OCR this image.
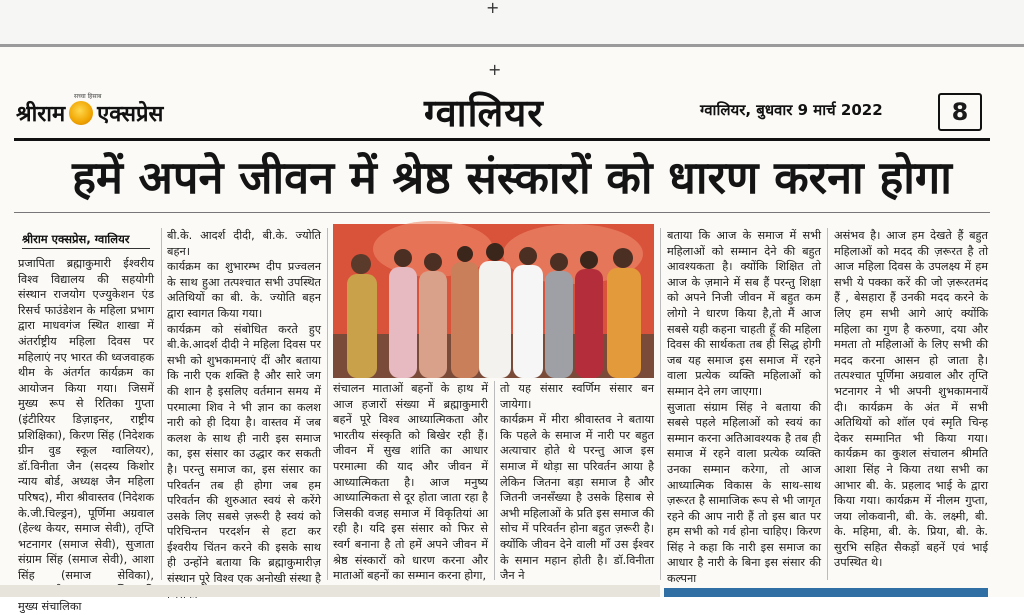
+
+
सच्चा हिसाब
श्रीराम एक्सप्रेस	ग्वालियर	ग्वालियर, बुधवार 9 मार्च 2022	8
हमें अपने जीवन में श्रेष्ठ संस्कारों को धारण करना होगा
श्रीराम एक्सप्रेस, ग्वालियर
प्रजापिता ब्रह्माकुमारी ईश्वरीय विश्व विद्यालय की सहयोगी संस्थान राजयोग एज्युकेशन एंड रिसर्च फाउंडेशन के महिला प्रभाग द्वारा माधवगंज स्थित शाखा में अंतर्राष्ट्रीय महिला दिवस पर महिलाएं नए भारत की ध्वजवाहक थीम के अंतर्गत कार्यक्रम का आयोजन किया गया। जिसमें मुख्य रूप से रितिका गुप्ता (इंटीरियर डिज़ाइनर, राष्ट्रीय प्रशिक्षिका), किरण सिंह (निदेशक ग्रीन वुड स्कूल ग्वालियर), डॉ.विनीता जैन (सदस्य किशोर न्याय बोर्ड, अध्यक्ष जैन महिला परिषद), मीरा श्रीवास्तव (निदेशक के.जी.चिल्ड्रन), पूर्णिमा अग्रवाल (हेल्थ केयर, समाज सेवी), तृप्ति भटनागर (समाज सेवी), सुजाता संग्राम सिंह (समाज सेवी), आशा सिंह (समाज सेविका), मुख्य संचालिका
बी.के. आदर्श दीदी, बी.के. ज्योति बहन।
कार्यक्रम का शुभारम्भ दीप प्रज्वलन के साथ हुआ तत्पश्चात सभी उपस्थित अतिथियों का बी. के. ज्योति बहन द्वारा स्वागत किया गया।
कार्यक्रम को संबोधित करते हुए बी.के.आदर्श दीदी ने महिला दिवस पर सभी को शुभकामनाएं दीं और बताया कि नारी एक शक्ति है और सारे जग की शान है इसलिए वर्तमान समय में परमात्मा शिव ने भी ज्ञान का कलश नारी को ही दिया है। वास्तव में जब कलश के साथ ही नारी इस समाज का, इस संसार का उद्धार कर सकती है। परन्तु समाज का, इस संसार का परिवर्तन तब ही होगा जब हम परिवर्तन की शुरुआत स्वयं से करेंगे उसके लिए सबसे ज़रूरी है स्वयं को परिचिन्तन परदर्शन से हटा कर ईश्वरीय चिंतन करने की इसके साथ ही उन्होंने बताया कि ब्रह्माकुमारीज़ संस्थान पूरे विश्व एक अनोखी संस्था है
संचालन माताओं बहनों के हाथ में आज हजारों संख्या में ब्रह्माकुमारी बहनें पूरे विश्व आध्यात्मिकता और भारतीय संस्कृति को बिखेर रही हैं। जीवन में सुख शांति का आधार परमात्मा की याद और जीवन में आध्यात्मिकता है। आज मनुष्य आध्यात्मिकता से दूर होता जाता रहा है जिसकी वजह समाज में विकृतियां आ रही है। यदि इस संसार को फिर से स्वर्ग बनाना है तो हमें अपने जीवन में श्रेष्ठ संस्कारों को धारण करना और माताओं बहनों का सम्मान करना होगा,
तो यह संसार स्वर्णिम संसार बन जायेगा।
कार्यक्रम में मीरा श्रीवास्तव ने बताया कि पहले के समाज में नारी पर बहुत अत्याचार होते थे परन्तु आज इस समाज में थोड़ा सा परिवर्तन आया है लेकिन जितना बड़ा समाज है और जितनी जनसँख्या है उसके हिसाब से अभी महिलाओं के प्रति इस समाज की सोच में परिवर्तन होना बहुत ज़रूरी है। क्योंकि जीवन देने वाली माँ उस ईश्वर के समान महान होती है। डॉ.विनीता जैन ने
बताया कि आज के समाज में सभी महिलाओं को सम्मान देने की बहुत आवश्यकता है। क्योंकि शिक्षित तो आज के ज़माने में सब हैं परन्तु शिक्षा को अपने निजी जीवन में बहुत कम लोगो ने धारण किया है,तो मैं आज सबसे यही कहना चाहती हूँ की महिला दिवस की सार्थकता तब ही सिद्ध होगी जब यह समाज इस समाज में रहने वाला प्रत्येक व्यक्ति महिलाओं को सम्मान देने लग जाएगा।
सुजाता संग्राम सिंह ने बताया की सबसे पहले महिलाओं को स्वयं का सम्मान करना अतिआवश्यक है तब ही समाज में रहने वाला प्रत्येक व्यक्ति उनका सम्मान करेगा, तो आज आध्यात्मिक विकास के साथ-साथ ज़रूरत है सामाजिक रूप से भी जागृत रहने की आप नारी हैं तो इस बात पर हम सभी को गर्व होना चाहिए। किरण सिंह ने कहा कि नारी इस समाज का आधार है नारी के बिना इस संसार की कल्पना
असंभव है। आज हम देखते हैं बहुत महिलाओं को मदद की ज़रूरत है तो आज महिला दिवस के उपलक्ष्य में हम सभी ये पक्का करें की जो ज़रूरतमंद हैं , बेसहारा हैं उनकी मदद करने के लिए हम सभी आगे आएं क्योंकि महिला का गुण है करुणा, दया और ममता तो महिलाओं के लिए सभी की मदद करना आसन हो जाता है। तत्पश्चात पूर्णिमा अग्रवाल और तृप्ति भटनागर ने भी अपनी शुभकामनायें दी। कार्यक्रम के अंत में सभी अतिथियों को शॉल एवं स्मृति चिन्ह देकर सम्मानित भी किया गया। कार्यक्रम का कुशल संचालन श्रीमति आशा सिंह ने किया तथा सभी का आभार बी. के. प्रहलाद भाई के द्वारा किया गया। कार्यक्रम में नीलम गुप्ता, जया लोकवानी, बी. के. लक्ष्मी, बी. के. महिमा, बी. के. प्रिया, बी. के. सुरभि सहित सैकड़ों बहनें एवं भाई उपस्थित थे।
